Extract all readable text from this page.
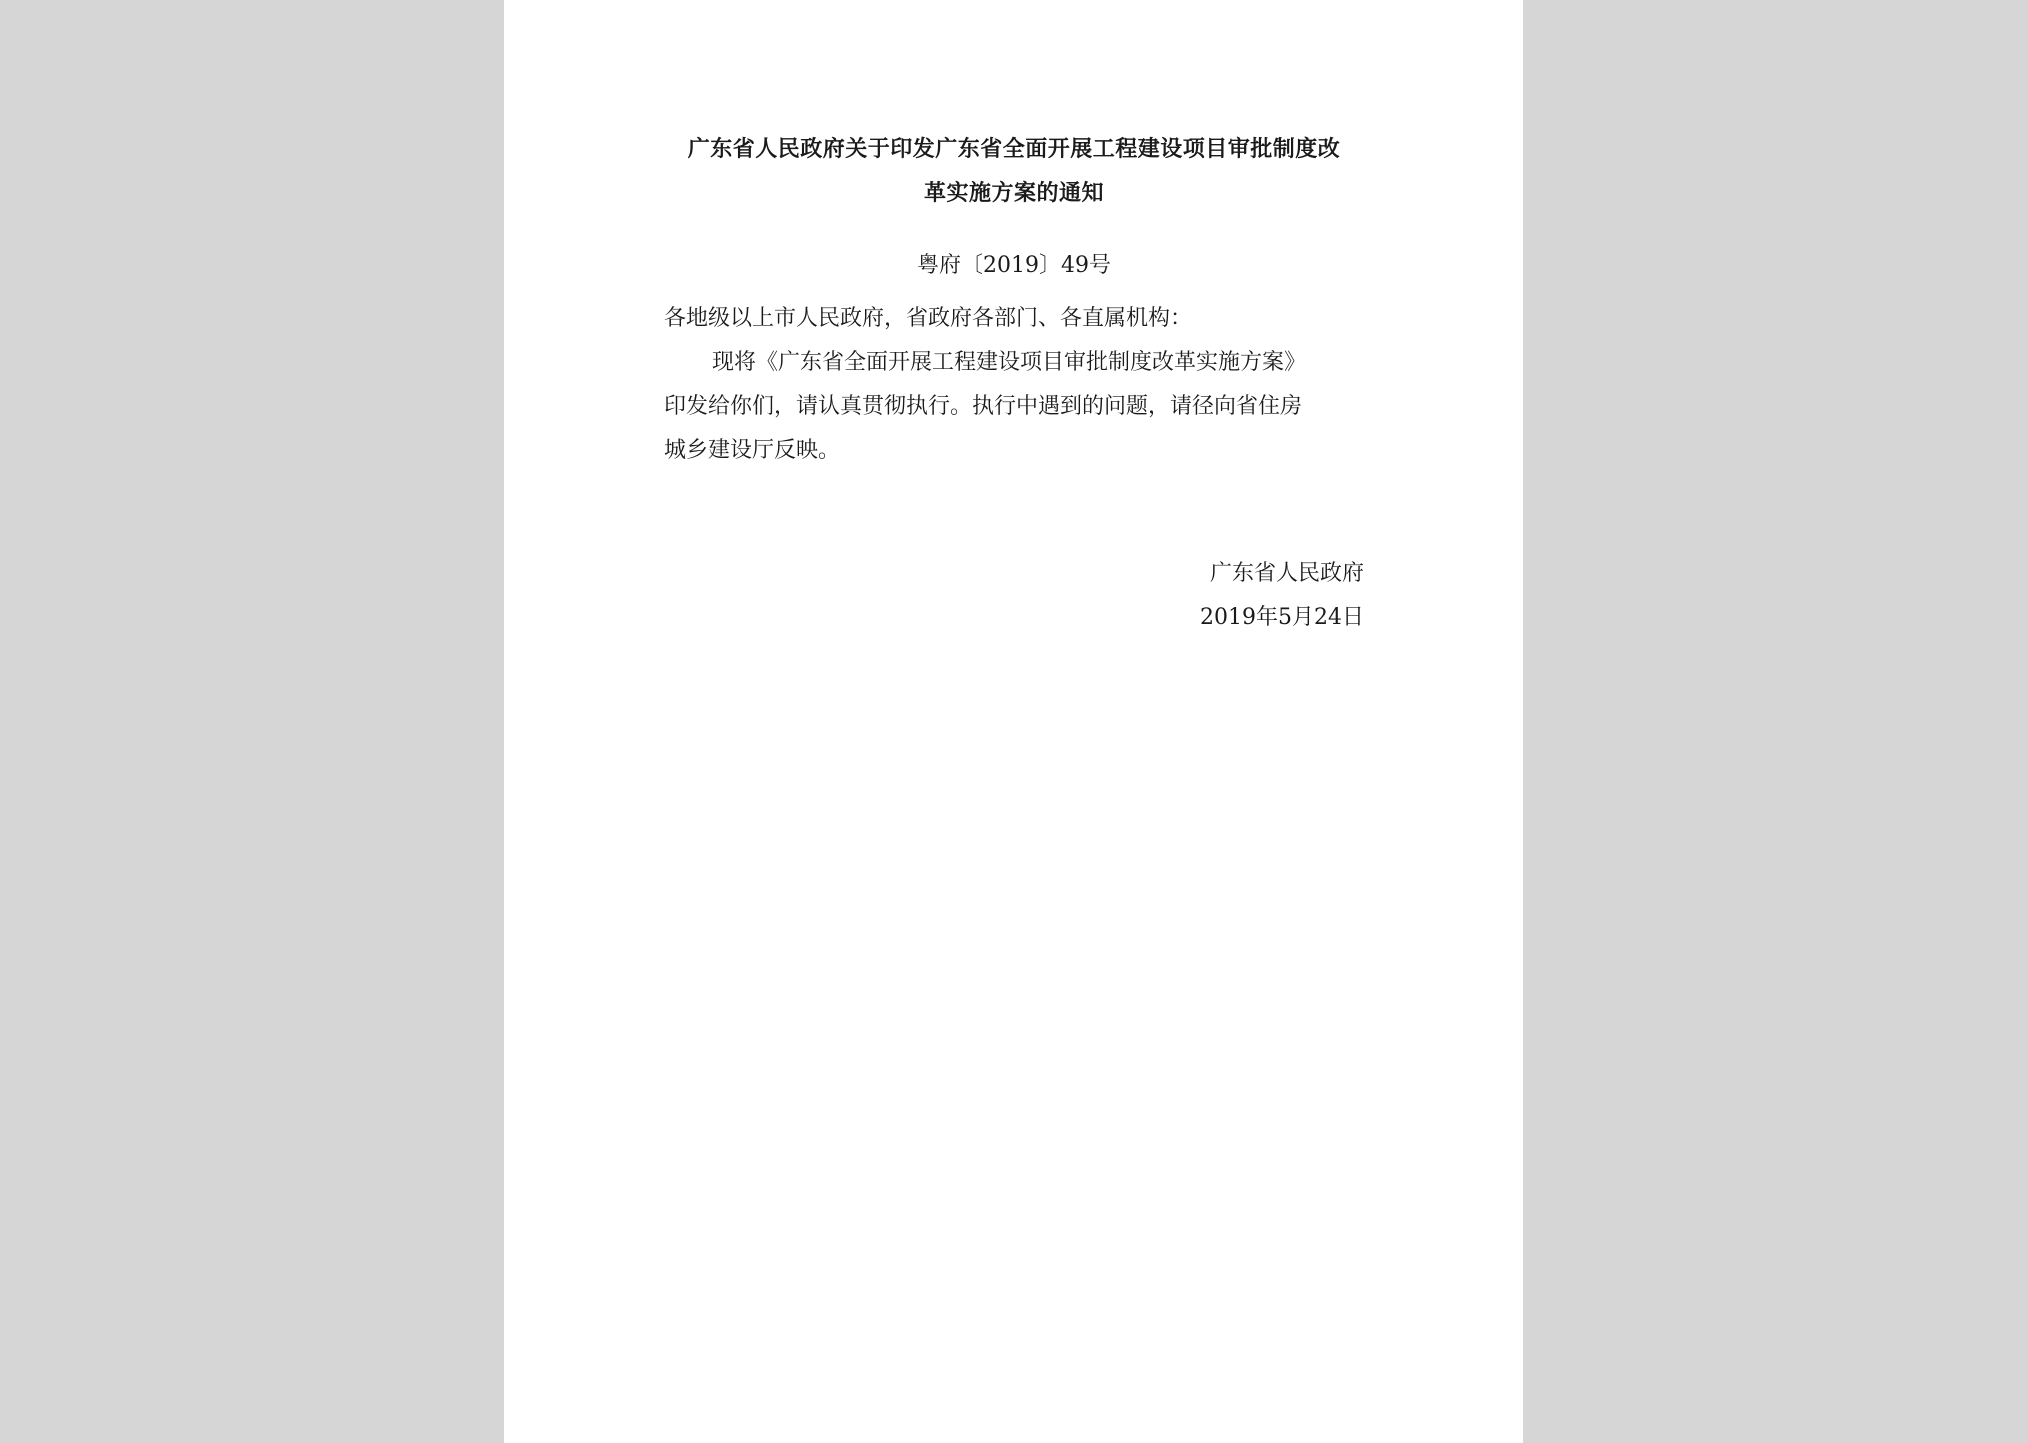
广东省人民政府关于印发广东省全面开展工程建设项目审批制度改
革实施方案的通知
粤府〔2019〕49号
各地级以上市人民政府，省政府各部门、各直属机构：
现将《广东省全面开展工程建设项目审批制度改革实施方案》
印发给你们，请认真贯彻执行。执行中遇到的问题，请径向省住房
城乡建设厅反映。
广东省人民政府
2019年5月24日
